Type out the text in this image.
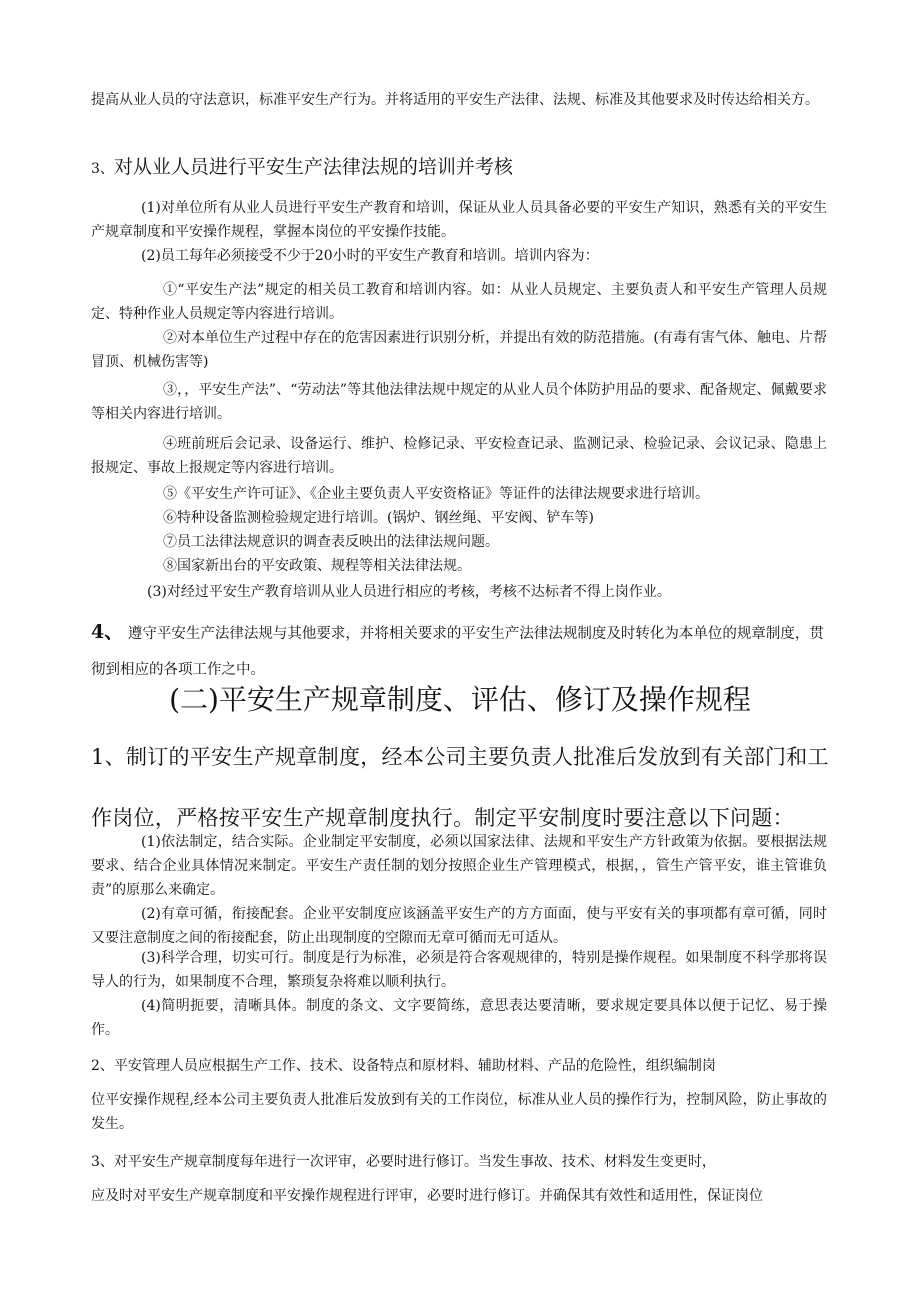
提高从业人员的守法意识，标准平安生产行为。并将适用的平安生产法律、法规、标准及其他要求及时传达给相关方。

3、对从业人员进行平安生产法律法规的培训并考核

(1)对单位所有从业人员进行平安生产教育和培训，保证从业人员具备必要的平安生产知识，熟悉有关的平安生产规章制度和平安操作规程，掌握本岗位的平安操作技能。

(2)员工每年必须接受不少于20小时的平安生产教育和培训。培训内容为：

①“平安生产法”规定的相关员工教育和培训内容。如：从业人员规定、主要负责人和平安生产管理人员规定、特种作业人员规定等内容进行培训。

②对本单位生产过程中存在的危害因素进行识别分析，并提出有效的防范措施。(有毒有害气体、触电、片帮冒顶、机械伤害等)

③，，平安生产法”、“劳动法”等其他法律法规中规定的从业人员个体防护用品的要求、配备规定、佩戴要求等相关内容进行培训。

④班前班后会记录、设备运行、维护、检修记录、平安检查记录、监测记录、检验记录、会议记录、隐患上报规定、事故上报规定等内容进行培训。

⑤《平安生产许可证》、《企业主要负责人平安资格证》等证件的法律法规要求进行培训。

⑥特种设备监测检验规定进行培训。(锅炉、钢丝绳、平安阀、铲车等)

⑦员工法律法规意识的调查表反映出的法律法规问题。

⑧国家新出台的平安政策、规程等相关法律法规。

(3)对经过平安生产教育培训从业人员进行相应的考核，考核不达标者不得上岗作业。

4、 遵守平安生产法律法规与其他要求，并将相关要求的平安生产法律法规制度及时转化为本单位的规章制度，贯彻到相应的各项工作之中。

(二)平安生产规章制度、评估、修订及操作规程

1、制订的平安生产规章制度，经本公司主要负责人批准后发放到有关部门和工作岗位，严格按平安生产规章制度执行。制定平安制度时要注意以下问题：

(1)依法制定，结合实际。企业制定平安制度，必须以国家法律、法规和平安生产方针政策为依据。要根据法规要求、结合企业具体情况来制定。平安生产责任制的划分按照企业生产管理模式，根据，，管生产管平安，谁主管谁负责”的原那么来确定。

(2)有章可循，衔接配套。企业平安制度应该涵盖平安生产的方方面面，使与平安有关的事项都有章可循，同时又要注意制度之间的衔接配套，防止出现制度的空隙而无章可循而无可适从。

(3)科学合理，切实可行。制度是行为标准，必须是符合客观规律的，特别是操作规程。如果制度不科学那将误导人的行为，如果制度不合理，繁琐复杂将难以顺利执行。

(4)简明扼要，清晰具体。制度的条文、文字要简练，意思表达要清晰，要求规定要具体以便于记忆、易于操作。

2、平安管理人员应根据生产工作、技术、设备特点和原材料、辅助材料、产品的危险性，组织编制岗

位平安操作规程,经本公司主要负责人批准后发放到有关的工作岗位，标准从业人员的操作行为，控制风险，防止事故的发生。

3、对平安生产规章制度每年进行一次评审，必要时进行修订。当发生事故、技术、材料发生变更时，

应及时对平安生产规章制度和平安操作规程进行评审，必要时进行修订。并确保其有效性和适用性，保证岗位
